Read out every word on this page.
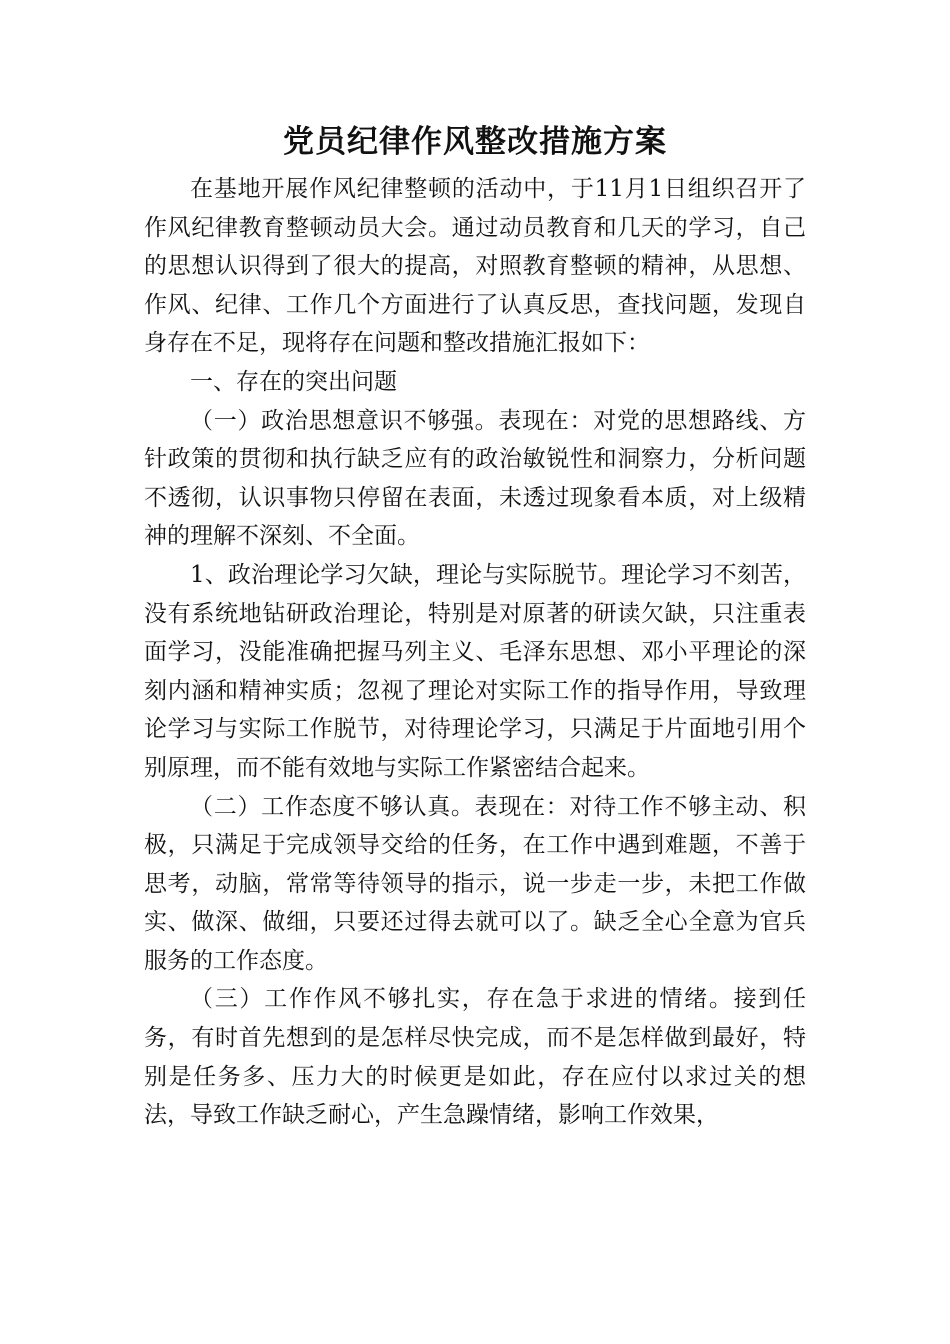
党员纪律作风整改措施方案

在基地开展作风纪律整顿的活动中，于11月1日组织召开了作风纪律教育整顿动员大会。通过动员教育和几天的学习，自己的思想认识得到了很大的提高，对照教育整顿的精神，从思想、作风、纪律、工作几个方面进行了认真反思，查找问题，发现自身存在不足，现将存在问题和整改措施汇报如下：

一、存在的突出问题

（一）政治思想意识不够强。表现在：对党的思想路线、方针政策的贯彻和执行缺乏应有的政治敏锐性和洞察力，分析问题不透彻，认识事物只停留在表面，未透过现象看本质，对上级精神的理解不深刻、不全面。

1、政治理论学习欠缺，理论与实际脱节。理论学习不刻苦，没有系统地钻研政治理论，特别是对原著的研读欠缺，只注重表面学习，没能准确把握马列主义、毛泽东思想、邓小平理论的深刻内涵和精神实质；忽视了理论对实际工作的指导作用，导致理论学习与实际工作脱节，对待理论学习，只满足于片面地引用个别原理，而不能有效地与实际工作紧密结合起来。

（二）工作态度不够认真。表现在：对待工作不够主动、积极，只满足于完成领导交给的任务，在工作中遇到难题，不善于思考，动脑，常常等待领导的指示，说一步走一步，未把工作做实、做深、做细，只要还过得去就可以了。缺乏全心全意为官兵服务的工作态度。

（三）工作作风不够扎实，存在急于求进的情绪。接到任务，有时首先想到的是怎样尽快完成，而不是怎样做到最好，特别是任务多、压力大的时候更是如此，存在应付以求过关的想法，导致工作缺乏耐心，产生急躁情绪，影响工作效果，
